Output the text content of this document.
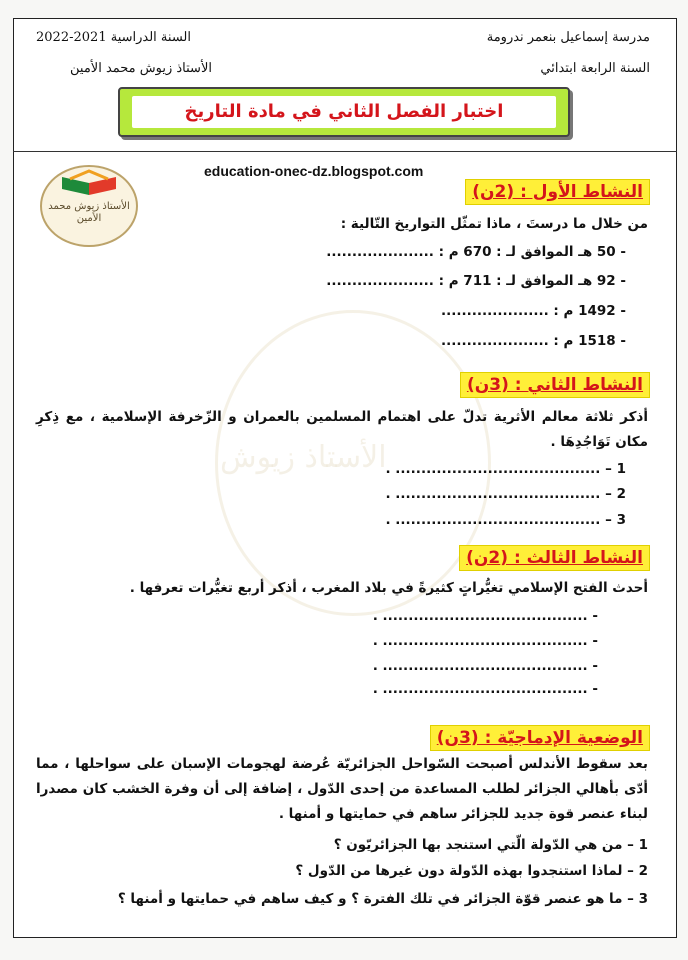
الأستاذ زيوش
السنة الدراسية 2021-2022	مدرسة إسماعيل بنعمر ندرومة
الأستاذ زيوش محمد الأمين	السنة الرابعة ابتدائي
اختبار الفصل الثاني في مادة التاريخ
education-onec-dz.blogspot.com
الأستاذ زيوش محمد الأمين
النشاط الأول : (2ن)
من خلال ما درستَ ، ماذا تمثّل التواريخ التّالية :
- 50 هـ الموافق لـ : 670 م : .....................
- 92 هـ الموافق لـ : 711 م : .....................
- 1492 م : .....................
- 1518 م : .....................
النشاط الثاني : (3ن)
أذكر ثلاثة معالم الأثرية تدلّ على اهتمام المسلمين بالعمران و الزّخرفة الإسلامية ، مع ذِكرِ مكان تَوَاجُدِهَا .
1 – ........................................ .
2 – ........................................ .
3 – ........................................ .
النشاط الثالث : (2ن)
أحدث الفتح الإسلامي تغيُّراتٍ كثيرةً في بلاد المغرب ، أذكر أربع تغيُّرات تعرفها .
- ........................................ .
- ........................................ .
- ........................................ .
- ........................................ .
الوضعية الإدماجيّة : (3ن)
بعد سقوط الأندلس أصبحت السّواحل الجزائريّة عُرضة لهجومات الإسبان على سواحلها ، مما أدّى بأهالي الجزائر لطلب المساعدة من إحدى الدّول ، إضافة إلى أن وفرة الخشب كان مصدرا لبناء عنصر قوة جديد للجزائر ساهم في حمايتها و أمنها .
1 – من هي الدّولة الّتي استنجد بها الجزائريّون ؟
2 – لماذا استنجدوا بهذه الدّولة دون غيرها من الدّول ؟
3 – ما هو عنصر قوّة الجزائر في تلك الفترة ؟ و كيف ساهم في حمايتها و أمنها ؟
